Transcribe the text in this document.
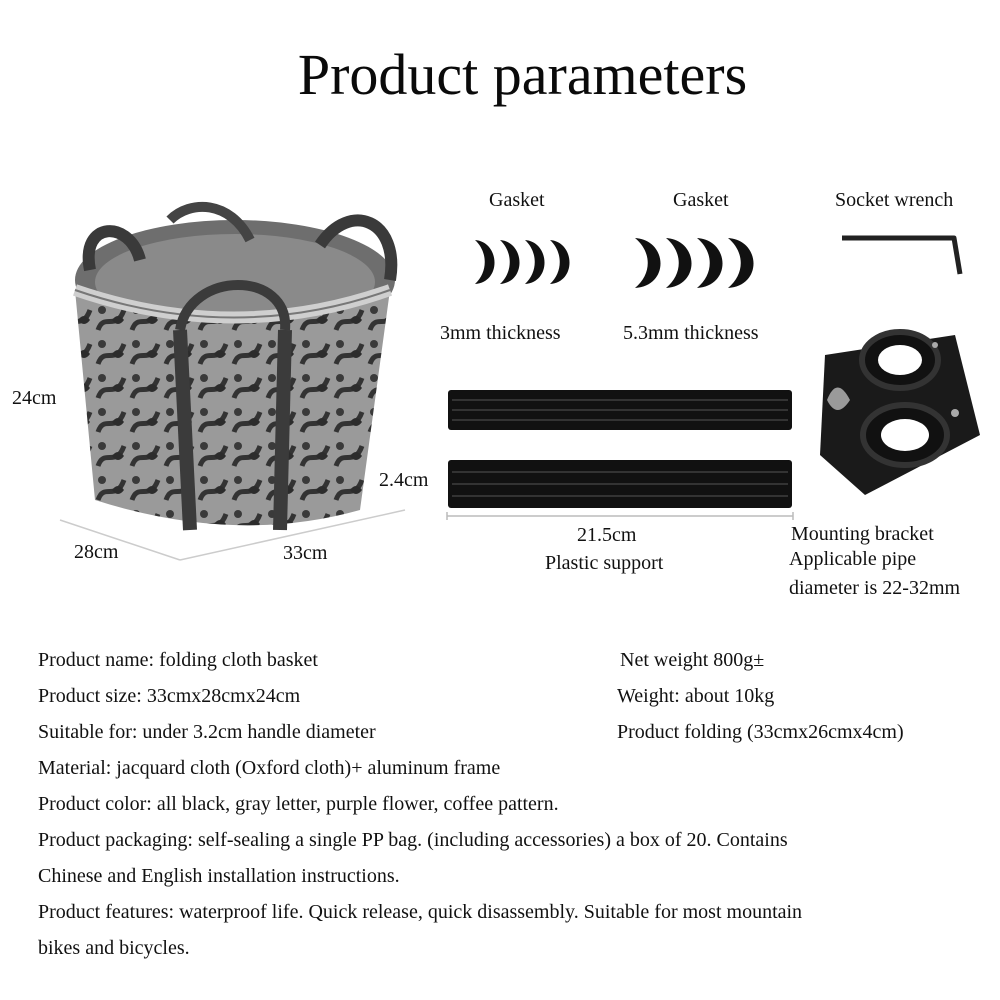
Product parameters
24cm
28cm	33cm
Gasket
3mm thickness
Gasket
5.3mm thickness
Socket wrench
2.4cm
21.5cm
Plastic support
Mounting bracket
Applicable pipe
diameter is 22-32mm
Product name: folding cloth basket	Net weight 800g±
Product size: 33cmx28cmx24cm	Weight: about 10kg
Suitable for: under 3.2cm handle diameter	Product folding (33cmx26cmx4cm)
Material: jacquard cloth (Oxford cloth)+ aluminum frame
Product color: all black, gray letter, purple flower, coffee pattern.
Product packaging: self-sealing a single PP bag. (including accessories) a box of 20. Contains
Chinese and English installation instructions.
Product features: waterproof life. Quick release, quick disassembly. Suitable for most mountain
bikes and bicycles.
